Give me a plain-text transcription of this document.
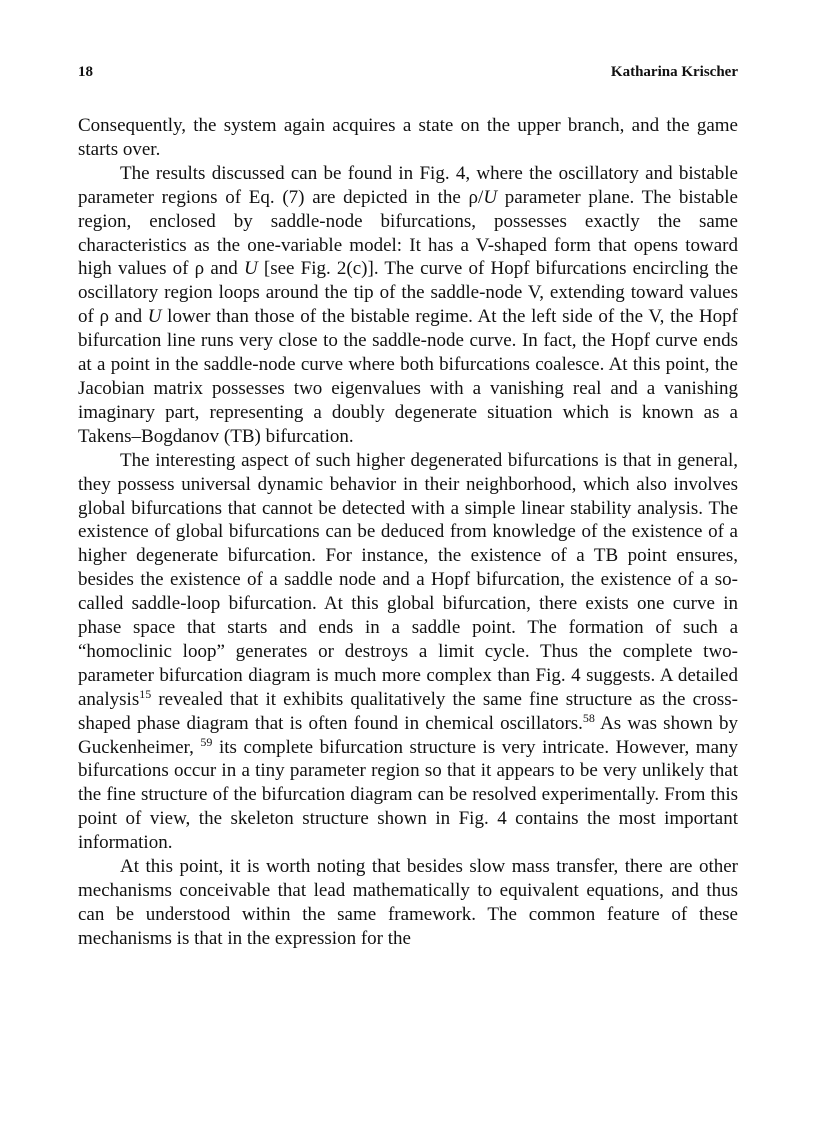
18	Katharina Krischer

Consequently, the system again acquires a state on the upper branch, and the game starts over.

The results discussed can be found in Fig. 4, where the oscillatory and bistable parameter regions of Eq. (7) are depicted in the ρ/U parameter plane. The bistable region, enclosed by saddle-node bifurcations, possesses exactly the same characteristics as the one-variable model: It has a V-shaped form that opens toward high values of ρ and U [see Fig. 2(c)]. The curve of Hopf bifurcations encircling the oscillatory region loops around the tip of the saddle-node V, extending toward values of ρ and U lower than those of the bistable regime. At the left side of the V, the Hopf bifurcation line runs very close to the saddle-node curve. In fact, the Hopf curve ends at a point in the saddle-node curve where both bifurcations coalesce. At this point, the Jacobian matrix possesses two eigenvalues with a vanishing real and a vanishing imaginary part, representing a doubly degenerate situation which is known as a Takens–Bogdanov (TB) bifurcation.

The interesting aspect of such higher degenerated bifurcations is that in general, they possess universal dynamic behavior in their neighborhood, which also involves global bifurcations that cannot be detected with a simple linear stability analysis. The existence of global bifurcations can be deduced from knowledge of the existence of a higher degenerate bifurcation. For instance, the existence of a TB point ensures, besides the existence of a saddle node and a Hopf bifurcation, the existence of a so-called saddle-loop bifurcation. At this global bifurcation, there exists one curve in phase space that starts and ends in a saddle point. The formation of such a “homoclinic loop” generates or destroys a limit cycle. Thus the complete two-parameter bifurcation diagram is much more complex than Fig. 4 suggests. A detailed analysis$^{15}$ revealed that it exhibits qualitatively the same fine structure as the cross-shaped phase diagram that is often found in chemical oscillators.$^{58}$ As was shown by Guckenheimer, $^{59}$ its complete bifurcation structure is very intricate. However, many bifurcations occur in a tiny parameter region so that it appears to be very unlikely that the fine structure of the bifurcation diagram can be resolved experimentally. From this point of view, the skeleton structure shown in Fig. 4 contains the most important information.

At this point, it is worth noting that besides slow mass transfer, there are other mechanisms conceivable that lead mathematically to equivalent equations, and thus can be understood within the same framework. The common feature of these mechanisms is that in the expression for the
